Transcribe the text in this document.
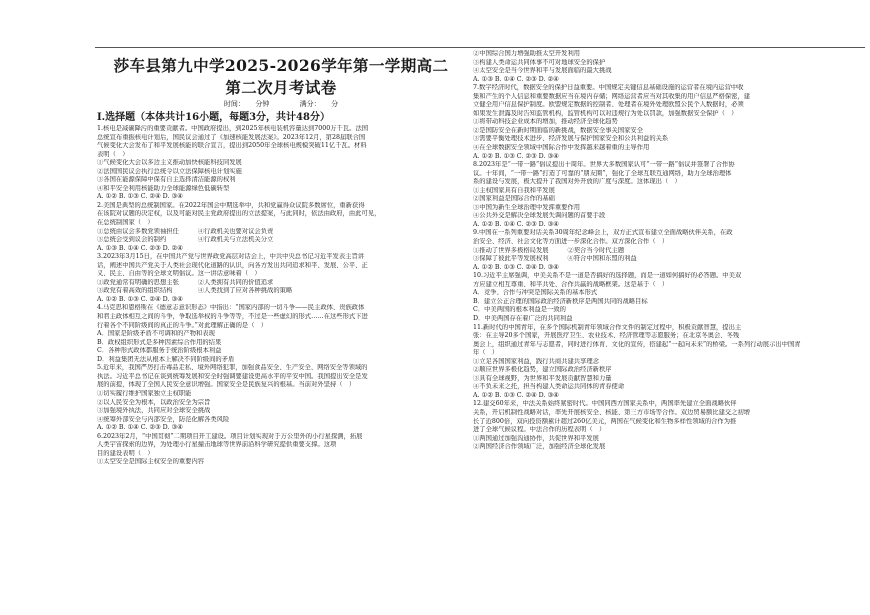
莎车县第九中学2025-2026学年第一学期高二
第二次月考试卷
时间：　　分钟	满分：　　分
Ⅰ.选择题（本体共计16小题，每题3分，共计48分）
1.核电是减碳降污的重要贡献者。中国政府提出，到2025年核电装机容量达到7000万千瓦。法国
总统宣布重振核电计划后，国民议会通过了《加速核能发展法案》。2023年12月，第28届联合国
气候变化大会发布了和平发展核能的联合宣言，提出到2050年全球核电规模突破11亿千瓦。材料
表明（　）
①气候变化大会以多边主义推动加快核能科技同发展
②法国国民议会执行总统令以立法保障核电计划实施
③各国在能源保障中保有自主选择清洁能源的权利
④和平安全利用核能助力全球能源绿色低碳转型
A. ①② B. ①③ C. ②④ D. ③④
2.美国是典型的总统制国家。在2022年国会中期选举中，共和党赢得众议院多数席位，重新获得
在该院对议题的决定权，以及可能对民主党政府提出的立法提案，与此同时，依法由政府，由此可见，
在总统制国家（　）
①总统由议会多数党领袖担任　　　④行政机关也要对议会负责
③总统会受到议会的制约　　　　　④行政机关与立法机关分立
A. ①③ B. ①④ C. ②③ D. ②④
3.2023年3月15日，在中国共产党与世界政党高层对话会上，中共中央总书记习近平发表主旨讲
话，阐述中国共产党关于人类社会现代化道路的认识，向各方发出共同追求和平、发展、公平、正
义、民主、自由等的全球文明倡议。这一讲话意味着（　）
①政党通常有明确的思想主张　　　②人类拥有共同的价值追求
③政党有着高效的组织结构　　　　④人类找到了应对各种挑战的策略
A. ①② B. ①③ C. ②④ D. ③④
4.马克思和恩格斯在《德意志意识形态》中指出：“国家内部的一切斗争——民主政体、贵族政体
和君主政体相互之间的斗争，争取选举权的斗争等等，不过是一些虚幻的形式……在这些形式下进
行着各个不同阶级间的真正的斗争。”对此理解正确的是（　）
A．国家是阶级矛盾不可调和的产物和表现
B．政权组织形式是多种因素综合作用的结果
C．各种形式政体都服务于统治阶级根本利益
D．利益集团无法从根本上解决不同阶级间的矛盾
5.近年来，我国严厉打击毒品走私、境外网络犯罪，加强食品安全、生产安全、网络安全等领域的
执法。习近平总书记在谈到统筹发展和安全时强调要建设更高水平的平安中国。我国提出安全是发
展的前提，体现了全国人民安全意识增强。国家安全是民族复兴的根基。当前对外坚持（　）
①切实履行维护国家独立主权职能
②以人民安全为根本，以政治安全为宗旨
③加强境外执法，共同应对全球安全挑战
④统筹外部安全与内部安全，防范化解各类风险
A. ①② B. ①④ C. ②③ D. ③④
6.2023年2月，“中国贯彻”二期项目开工建设。项目计划实现对于万公里外的小行星探测，拓展
人类宇宙探索的边界，为处理小行星撞击地球等世界前沿科学研究提供重要支撑。这项
目的建设表明（　）
①太空安全是国际主权安全的重要内容
②中国综合国力增强助推太空开发利用
③构建人类命运共同体事不可对地球安全的保护
④太空安全是当今世界和平与发展面临的最大挑战
A. ①③ B. ①④ C. ②③ D. ②④
7.数字经济时代，数据安全的保护日益重要。中国规定关键信息基础设施的运营者在境内运营中收
集和产生的个人信息和重要数据应当在境内存储；网络运营者应当对其收集的用户信息严格保密，建
立健全用户信息保护制度。欧盟规定数据的控制者、处理者在境外处理欧盟公民个人数据时，必须
如果发生泄露及时告知监管机构，监管机构可以对违规行为处以罚款，加强数据安全保护（　）
①将带动科技企业成本的增加，推动经济全球化趋势
②是国防安全在新时期面临的新挑战，数据安全事关国家安全
③需要平衡处理技术进步、经济发展与保护国家安全和公共利益的关系
④在全球数据安全领域中国际合作中发挥越来越着重的主导作用
A. ①② B. ①③ C. ②③ D. ③④
8.2023年是“一带一路”倡议提出十周年。世界大多数国家认可“一带一路”倡议并签署了合作协
议。十年间，“一带一路”打造了可靠的“朋友圈”，强化了全球互联互通网络，助力全球治理体
系的建设与发展，极大提升了我国对外开放的广度与深度。这体现出（　）
①主权国家具有自我和平发展
②国家利益是国际合作的基础
③中国为新生全球治理中发挥重要作用
④公共外交是解决全球发展失调问题的首要手段
A. ①② B. ①④ C. ②③ D. ③④
9.中国在一系列重要对话关系30周年纪念峰会上，双方正式宣布建立全面战略伙伴关系，在政
治安全、经济、社会文化等方面进一步深化合作。双方深化合作（　）
①推动了世界多极格局发展　　　②契合当今时代主题
③保障了彼此平等发展权利　　　④符合中国和东盟的利益
A. ①② B. ①③ C. ②④ D. ③④
10.习近平主席强调，中美关系不是一道是否搞好的选择题，而是一道如何搞好的必答题。中美双
方应建立相互尊重、和平共处、合作共赢的战略框架。这是基于（　）
A．竞争、合作与冲突是国际关系的基本形式
B．建立公正合理的国际政治经济新秩序是两国共同的战略目标
C．中美两国的根本利益是一致的
D．中美两国存在着广泛的共同利益
11.新时代的中国青年，在多个国际机制青年领域合作文件的制定过程中，积极贡献智慧，提出主
张：在主导20多个国家，开展医疗卫生、农业技术、经济管理等志愿服务；在北京冬奥会、冬残
奥会上，组织通过青年与志愿者，同时进行体育、文化的宣传，搭建起“一起向未来”的桥梁。一系列行动展示出中国青
年（　）
①立足各国国家利益，践行共商共建共享理念
②顺应世界多极化趋势，建立国际政治经济新秩序
③具有全球视野，为世界和平发展贡献智慧和力量
④不负未来之托，担当构建人类命运共同体的青春使命
A. ①② B. ①③ C. ②④ D. ③④
12.建交60年来，中法关系始终紧密时代。中国同西方国家关系中，两国率先建立全面战略伙伴
关系，开启机制性战略对话，率先开展核安全、核能、第三方市场等合作。双边贸易额比建交之初增
长了近800倍，双向投资额累计超过260亿美元，两国在气候变化和生物多样性领域的合作为推
进了全球气候议程。中法合作的历程表明（　）
①两国通过加强沟通协作，共促世界和平发展
②两国经济合作领域广泛，加强经济全球化发展
